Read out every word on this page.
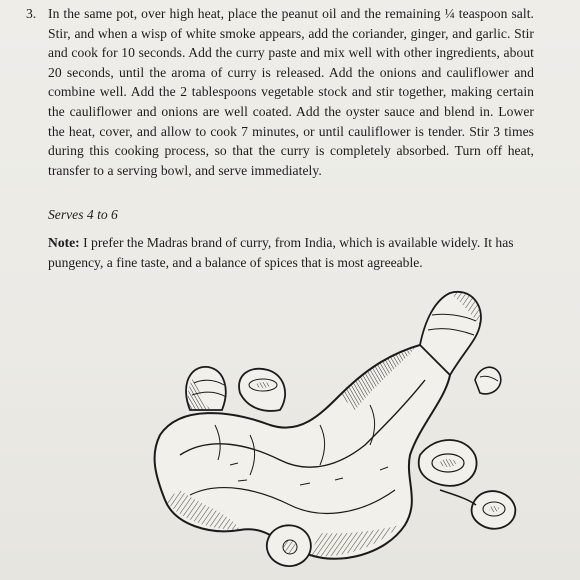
3. In the same pot, over high heat, place the peanut oil and the remaining ¼ teaspoon salt. Stir, and when a wisp of white smoke appears, add the coriander, ginger, and garlic. Stir and cook for 10 seconds. Add the curry paste and mix well with other ingredients, about 20 seconds, until the aroma of curry is released. Add the onions and cauliflower and combine well. Add the 2 tablespoons vegetable stock and stir together, making certain the cauliflower and onions are well coated. Add the oyster sauce and blend in. Lower the heat, cover, and allow to cook 7 minutes, or until cauliflower is tender. Stir 3 times during this cooking process, so that the curry is completely absorbed. Turn off heat, transfer to a serving bowl, and serve immediately.

Serves 4 to 6

Note: I prefer the Madras brand of curry, from India, which is available widely. It has pungency, a fine taste, and a balance of spices that is most agreeable.
